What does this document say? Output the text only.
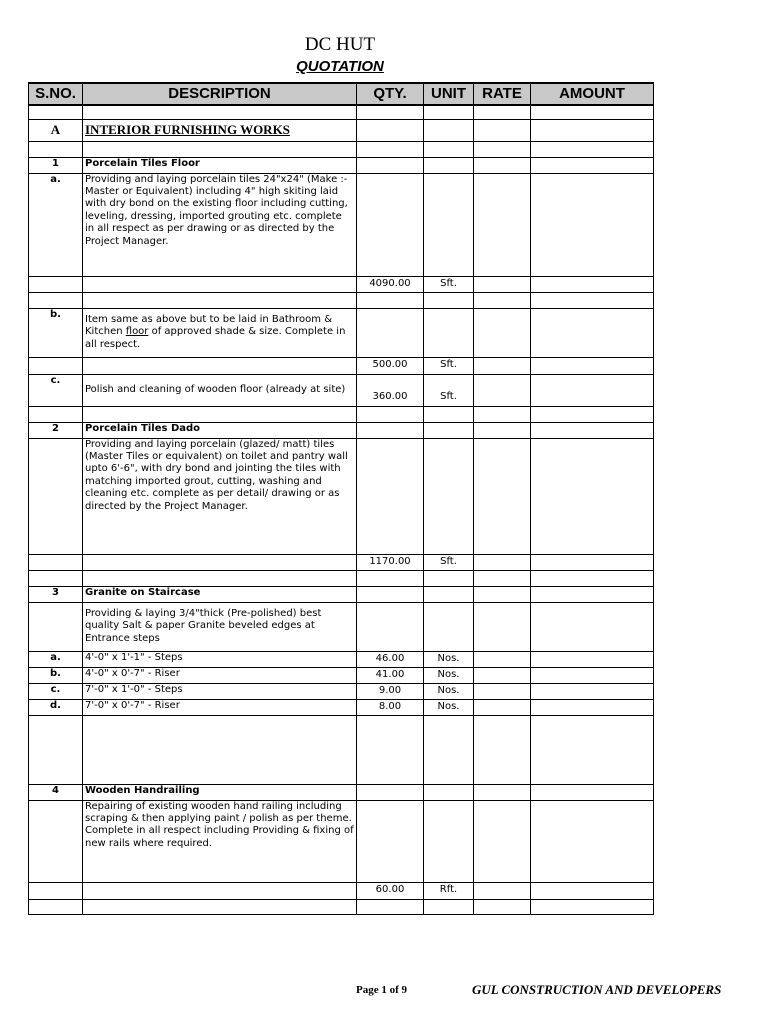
DC HUT
QUOTATION
S.NO.	DESCRIPTION	QTY.	UNIT	RATE	AMOUNT

A	INTERIOR FURNISHING WORKS				

1	Porcelain Tiles Floor				
a.	Providing and laying porcelain tiles 24"x24" (Make :- Master or Equivalent) including 4" high skiting laid with dry bond on the existing floor including cutting, leveling, dressing, imported grouting etc. complete in all respect as per drawing or as directed by the Project Manager.				
		4090.00	Sft.		

b.	Item same as above but to be laid in Bathroom & Kitchen floor of approved shade & size. Complete in all respect.				
		500.00	Sft.		
c.	Polish and cleaning of wooden floor (already at site)	360.00	Sft.		

2	Porcelain Tiles Dado				
	Providing and laying porcelain (glazed/ matt) tiles (Master Tiles or equivalent) on toilet and pantry wall upto 6'-6", with dry bond and jointing the tiles with matching imported grout, cutting, washing and cleaning etc. complete as per detail/ drawing or as directed by the Project Manager.				
		1170.00	Sft.		

3	Granite on Staircase				
	Providing & laying 3/4"thick (Pre-polished) best quality Salt & paper Granite beveled edges at Entrance steps				
a.	4'-0" x 1'-1" - Steps	46.00	Nos.		
b.	4'-0" x 0'-7" - Riser	41.00	Nos.		
c.	7'-0" x 1'-0" - Steps	9.00	Nos.		
d.	7'-0" x 0'-7" - Riser	8.00	Nos.		

4	Wooden Handrailing				
	Repairing of existing wooden hand railing including scraping & then applying paint / polish as per theme. Complete in all respect including Providing & fixing of new rails where required.				
		60.00	Rft.		

Page 1 of 9	GUL CONSTRUCTION AND DEVELOPERS
